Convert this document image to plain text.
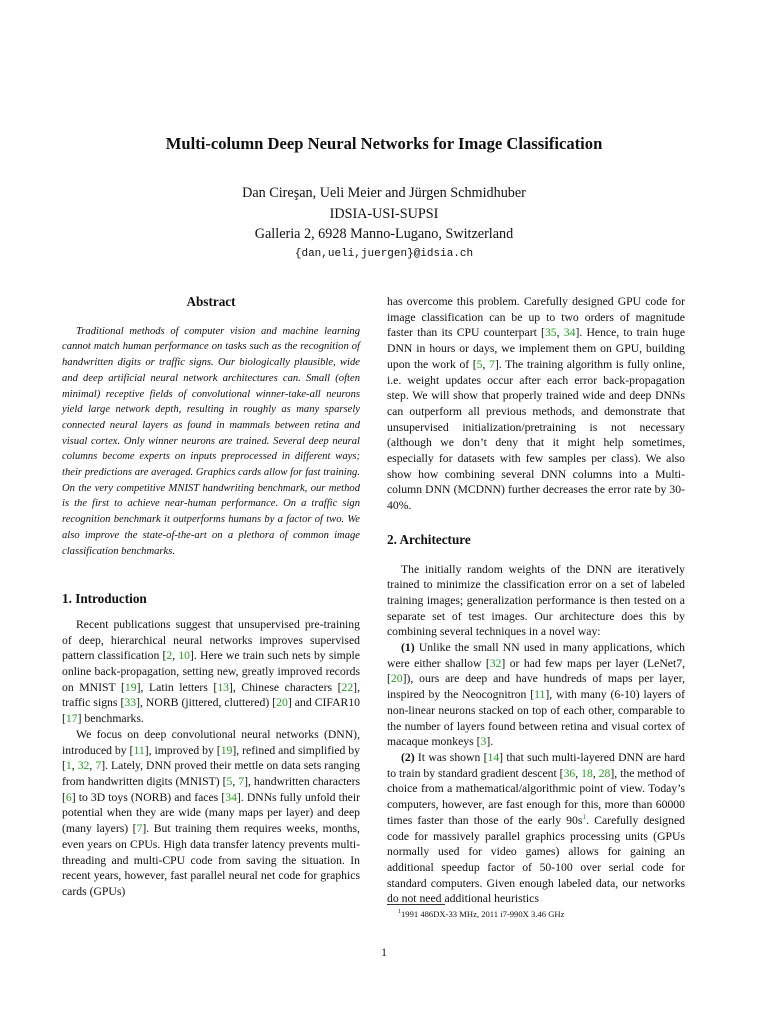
Multi-column Deep Neural Networks for Image Classification
Dan Cireşan, Ueli Meier and Jürgen Schmidhuber
IDSIA-USI-SUPSI
Galleria 2, 6928 Manno-Lugano, Switzerland
{dan,ueli,juergen}@idsia.ch
Abstract

Traditional methods of computer vision and machine learning cannot match human performance on tasks such as the recognition of handwritten digits or traffic signs. Our biologically plausible, wide and deep artificial neural network architectures can. Small (often minimal) receptive fields of convolutional winner-take-all neurons yield large network depth, resulting in roughly as many sparsely connected neural layers as found in mammals between retina and visual cortex. Only winner neurons are trained. Several deep neural columns become experts on inputs preprocessed in different ways; their predictions are averaged. Graphics cards allow for fast training. On the very competitive MNIST handwriting benchmark, our method is the first to achieve near-human performance. On a traffic sign recognition benchmark it outperforms humans by a factor of two. We also improve the state-of-the-art on a plethora of common image classification benchmarks.

1. Introduction

Recent publications suggest that unsupervised pre-training of deep, hierarchical neural networks improves supervised pattern classification [2, 10]. Here we train such nets by simple online back-propagation, setting new, greatly improved records on MNIST [19], Latin letters [13], Chinese characters [22], traffic signs [33], NORB (jittered, cluttered) [20] and CIFAR10 [17] benchmarks.

We focus on deep convolutional neural networks (DNN), introduced by [11], improved by [19], refined and simplified by [1, 32, 7]. Lately, DNN proved their mettle on data sets ranging from handwritten digits (MNIST) [5, 7], handwritten characters [6] to 3D toys (NORB) and faces [34]. DNNs fully unfold their potential when they are wide (many maps per layer) and deep (many layers) [7]. But training them requires weeks, months, even years on CPUs. High data transfer latency prevents multi-threading and multi-CPU code from saving the situation. In recent years, however, fast parallel neural net code for graphics cards (GPUs)

has overcome this problem. Carefully designed GPU code for image classification can be up to two orders of magnitude faster than its CPU counterpart [35, 34]. Hence, to train huge DNN in hours or days, we implement them on GPU, building upon the work of [5, 7]. The training algorithm is fully online, i.e. weight updates occur after each error back-propagation step. We will show that properly trained wide and deep DNNs can outperform all previous methods, and demonstrate that unsupervised initialization/pretraining is not necessary (although we don’t deny that it might help sometimes, especially for datasets with few samples per class). We also show how combining several DNN columns into a Multi-column DNN (MCDNN) further decreases the error rate by 30-40%.

2. Architecture

The initially random weights of the DNN are iteratively trained to minimize the classification error on a set of labeled training images; generalization performance is then tested on a separate set of test images. Our architecture does this by combining several techniques in a novel way:

(1) Unlike the small NN used in many applications, which were either shallow [32] or had few maps per layer (LeNet7, [20]), ours are deep and have hundreds of maps per layer, inspired by the Neocognitron [11], with many (6-10) layers of non-linear neurons stacked on top of each other, comparable to the number of layers found between retina and visual cortex of macaque monkeys [3].

(2) It was shown [14] that such multi-layered DNN are hard to train by standard gradient descent [36, 18, 28], the method of choice from a mathematical/algorithmic point of view. Today’s computers, however, are fast enough for this, more than 60000 times faster than those of the early 90s$^1$. Carefully designed code for massively parallel graphics processing units (GPUs normally used for video games) allows for gaining an additional speedup factor of 50-100 over serial code for standard computers. Given enough labeled data, our networks do not need additional heuristics

$^1$1991 486DX-33 MHz, 2011 i7-990X 3.46 GHz
1
